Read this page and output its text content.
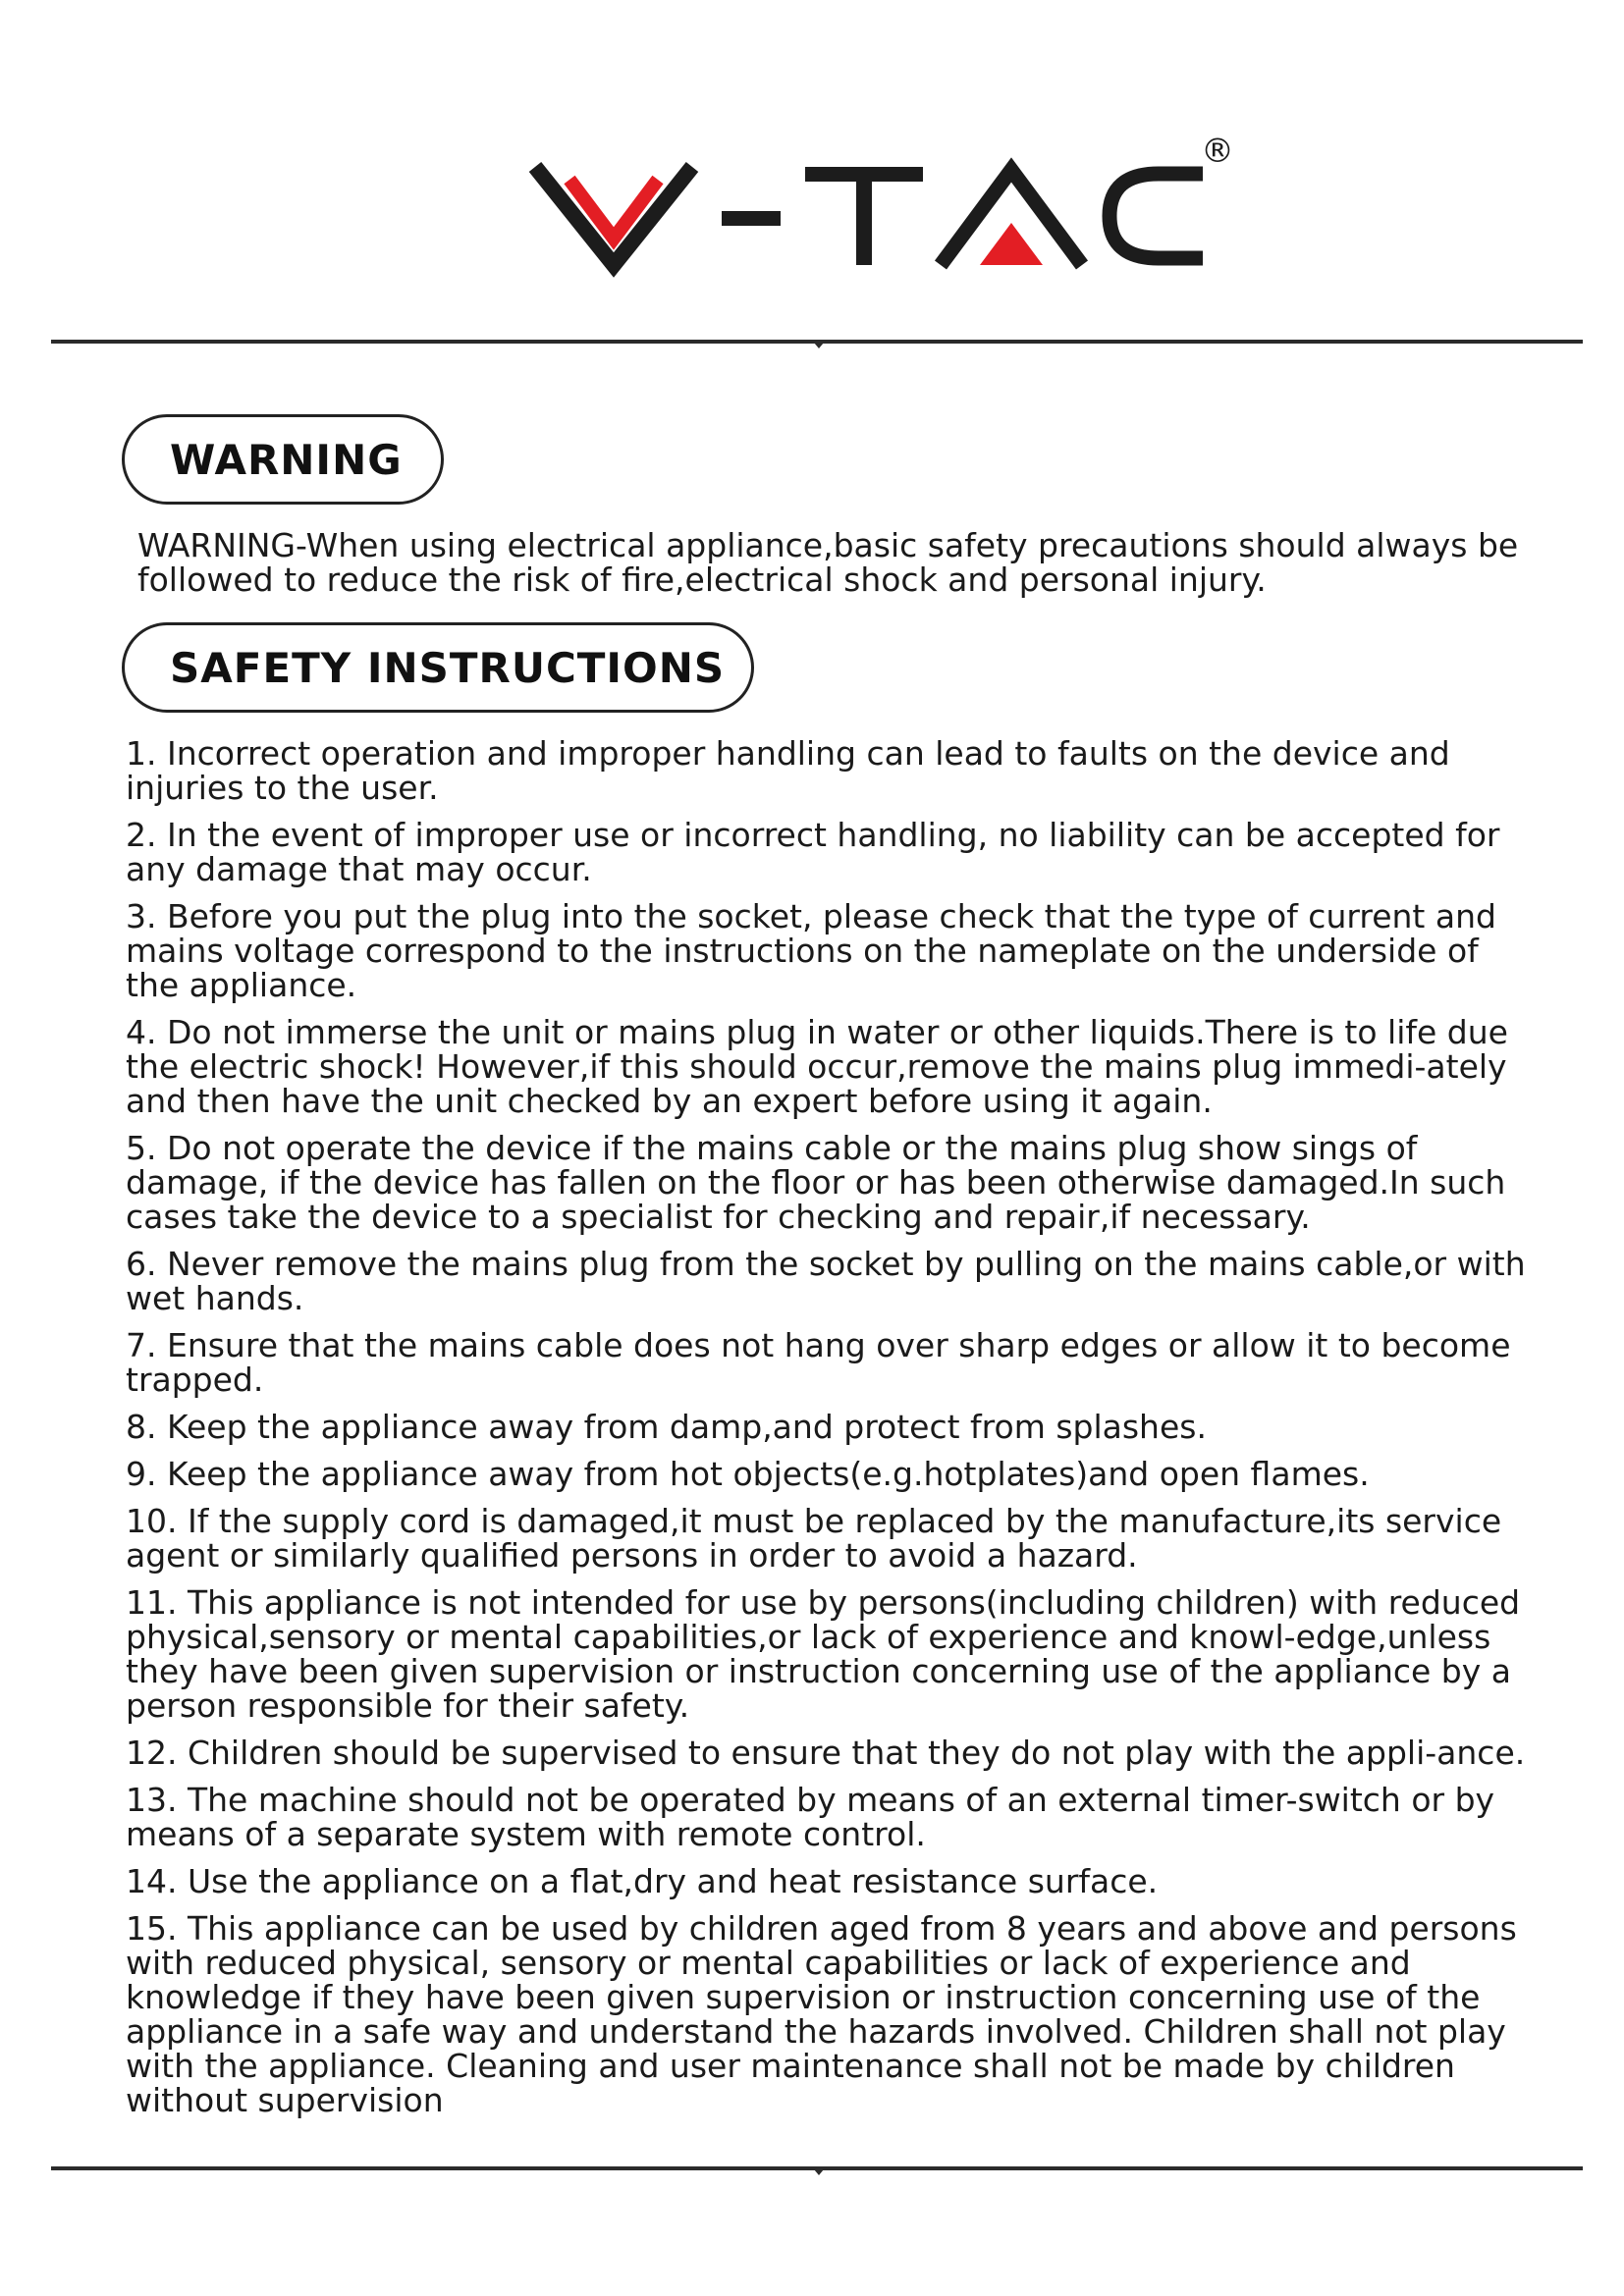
®
WARNING
WARNING-When using electrical appliance,basic safety precautions should always be followed to reduce the risk of fire,electrical shock and personal injury.
SAFETY INSTRUCTIONS

1. Incorrect operation and improper handling can lead to faults on the device and injuries to the user.

2. In the event of improper use or incorrect handling, no liability can be accepted for any damage that may occur.

3. Before you put the plug into the socket, please check that the type of current and mains voltage correspond to the instructions on the nameplate on the underside of the appliance.

4. Do not immerse the unit or mains plug in water or other liquids.There is to life due the electric shock! However,if this should occur,remove the mains plug immedi-ately and then have the unit checked by an expert before using it again.

5. Do not operate the device if the mains cable or the mains plug show sings of damage, if the device has fallen on the floor or has been otherwise damaged.In such cases take the device to a specialist for checking and repair,if necessary.

6. Never remove the mains plug from the socket by pulling on the mains cable,or with wet hands.

7. Ensure that the mains cable does not hang over sharp edges or allow it to become trapped.

8. Keep the appliance away from damp,and protect from splashes.

9. Keep the appliance away from hot objects(e.g.hotplates)and open flames.

10. If the supply cord is damaged,it must be replaced by the manufacture,its service agent or similarly qualified persons in order to avoid a hazard.

11. This appliance is not intended for use by persons(including children) with reduced physical,sensory or mental capabilities,or lack of experience and knowl-edge,unless they have been given supervision or instruction concerning use of the appliance by a person responsible for their safety.

12. Children should be supervised to ensure that they do not play with the appli-ance.

13. The machine should not be operated by means of an external timer-switch or by means of a separate system with remote control.

14. Use the appliance on a flat,dry and heat resistance surface.

15. This appliance can be used by children aged from 8 years and above and persons with reduced physical, sensory or mental capabilities or lack of experience and knowledge if they have been given supervision or instruction concerning use of the appliance in a safe way and understand the hazards involved. Children shall not play with the appliance. Cleaning and user maintenance shall not be made by children without supervision
